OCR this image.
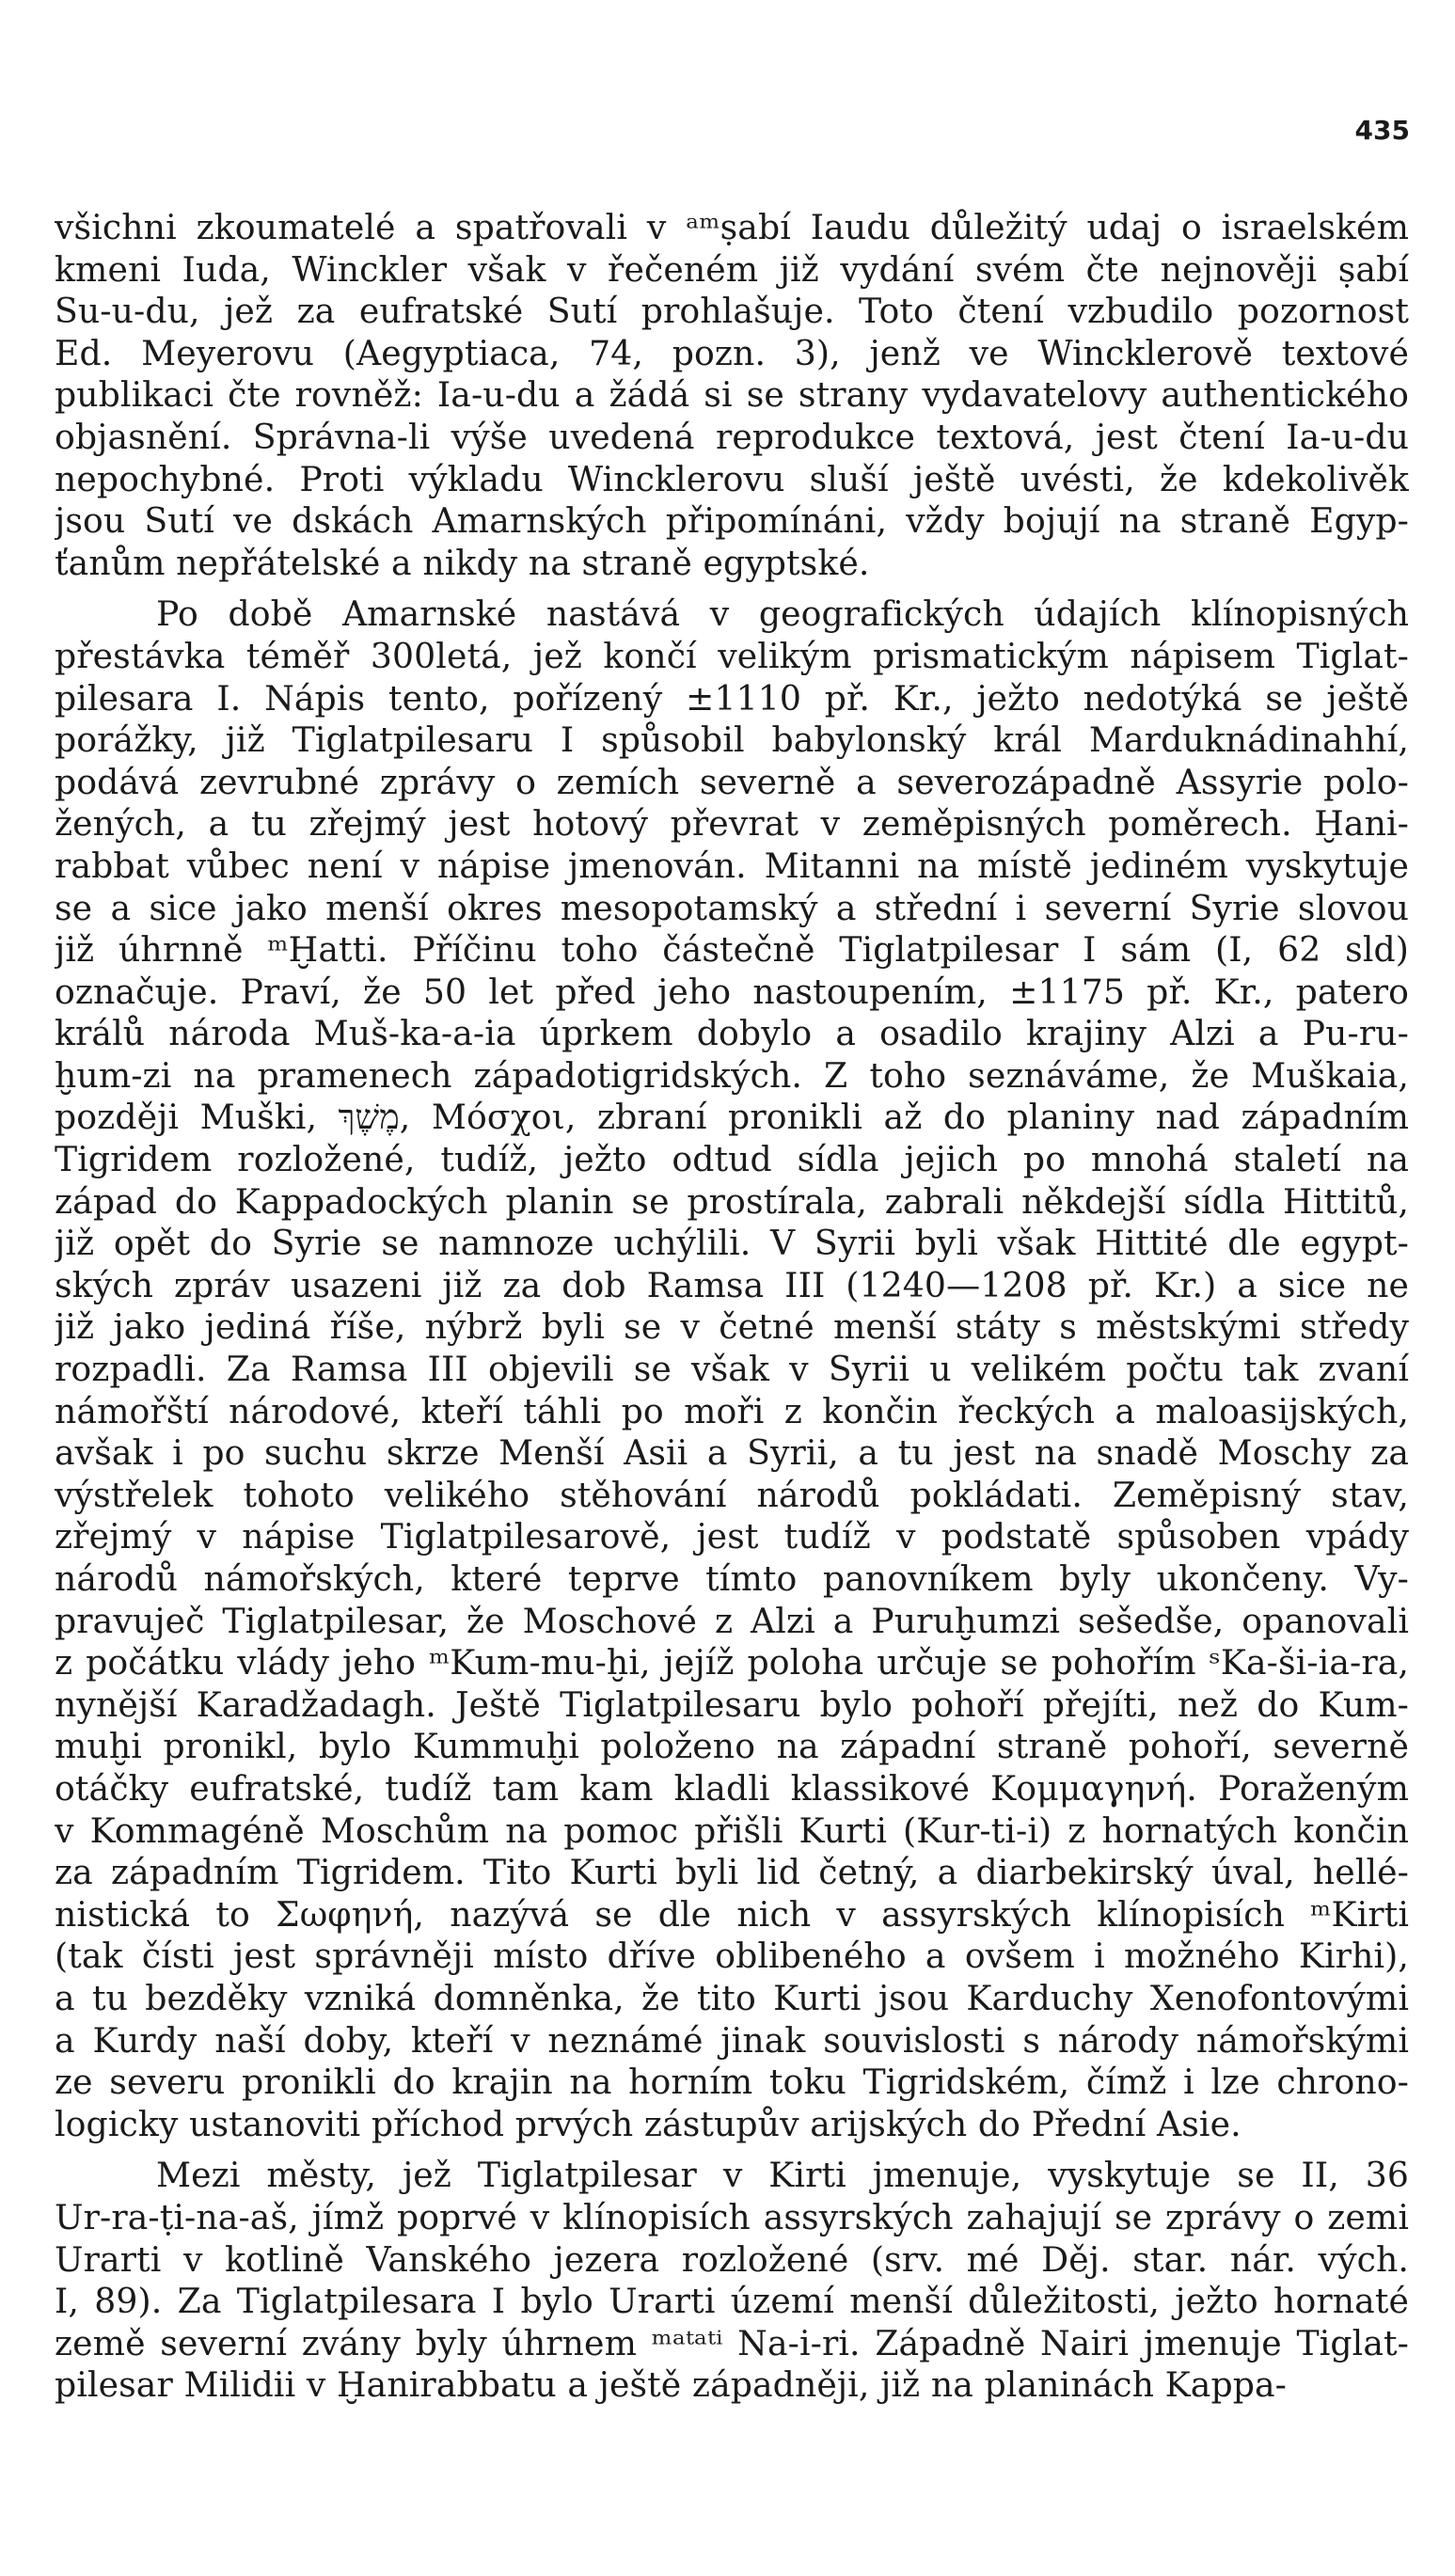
435
všichni zkoumatelé a spatřovali v ᵃᵐṣabí Iaudu důležitý udaj o israelském
kmeni Iuda, Winckler však v řečeném již vydání svém čte nejnověji ṣabí
Su-u-du, jež za eufratské Sutí prohlašuje. Toto čtení vzbudilo pozornost
Ed. Meyerovu (Aegyptiaca, 74, pozn. 3), jenž ve Wincklerově textové
publikaci čte rovněž: Ia-u-du a žádá si se strany vydavatelovy authentického
objasnění. Správna-li výše uvedená reprodukce textová, jest čtení Ia-u-du
nepochybné. Proti výkladu Wincklerovu sluší ještě uvésti, že kdekolivěk
jsou Sutí ve dskách Amarnských připomínáni, vždy bojují na straně Egyp-
ťanům nepřátelské a nikdy na straně egyptské.
Po době Amarnské nastává v geografických údajích klínopisných
přestávka téměř 300letá, jež končí velikým prismatickým nápisem Tiglat-
pilesara I. Nápis tento, pořízený ±1110 př. Kr., ježto nedotýká se ještě
porážky, již Tiglatpilesaru I spůsobil babylonský král Marduknádinahhí,
podává zevrubné zprávy o zemích severně a severozápadně Assyrie polo-
žených, a tu zřejmý jest hotový převrat v zeměpisných poměrech. Ḫani-
rabbat vůbec není v nápise jmenován. Mitanni na místě jediném vyskytuje
se a sice jako menší okres mesopotamský a střední i severní Syrie slovou
již úhrnně ᵐḪatti. Příčinu toho částečně Tiglatpilesar I sám (I, 62 sld)
označuje. Praví, že 50 let před jeho nastoupením, ±1175 př. Kr., patero
králů národa Muš-ka-a-ia úprkem dobylo a osadilo krajiny Alzi a Pu-ru-
ḫum-zi na pramenech západotigridských. Z toho seznáváme, že Muškaia,
později Muški, מֶשֶׁךְ, Μόσχοι, zbraní pronikli až do planiny nad západním
Tigridem rozložené, tudíž, ježto odtud sídla jejich po mnohá staletí na
západ do Kappadockých planin se prostírala, zabrali někdejší sídla Hittitů,
již opět do Syrie se namnoze uchýlili. V Syrii byli však Hittité dle egypt-
ských zpráv usazeni již za dob Ramsa III (1240—1208 př. Kr.) a sice ne
již jako jediná říše, nýbrž byli se v četné menší státy s městskými středy
rozpadli. Za Ramsa III objevili se však v Syrii u velikém počtu tak zvaní
námořští národové, kteří táhli po moři z končin řeckých a maloasijských,
avšak i po suchu skrze Menší Asii a Syrii, a tu jest na snadě Moschy za
výstřelek tohoto velikého stěhování národů pokládati. Zeměpisný stav,
zřejmý v nápise Tiglatpilesarově, jest tudíž v podstatě spůsoben vpády
národů námořských, které teprve tímto panovníkem byly ukončeny. Vy-
pravuječ Tiglatpilesar, že Moschové z Alzi a Puruḫumzi sešedše, opanovali
z počátku vlády jeho ᵐKum-mu-ḫi, jejíž poloha určuje se pohořím ˢKa-ši-ia-ra,
nynější Karadžadagh. Ještě Tiglatpilesaru bylo pohoří přejíti, než do Kum-
muḫi pronikl, bylo Kummuḫi položeno na západní straně pohoří, severně
otáčky eufratské, tudíž tam kam kladli klassikové Κομμαγηνή. Poraženým
v Kommagéně Moschům na pomoc přišli Kurti (Kur-ti-i) z hornatých končin
za západním Tigridem. Tito Kurti byli lid četný, a diarbekirský úval, hellé-
nistická to Σωφηνή, nazývá se dle nich v assyrských klínopisích ᵐKirti
(tak čísti jest správněji místo dříve oblibeného a ovšem i možného Kirhi),
a tu bezděky vzniká domněnka, že tito Kurti jsou Karduchy Xenofontovými
a Kurdy naší doby, kteří v neznámé jinak souvislosti s národy námořskými
ze severu pronikli do krajin na horním toku Tigridském, čímž i lze chrono-
logicky ustanoviti příchod prvých zástupův arijských do Přední Asie.
Mezi městy, jež Tiglatpilesar v Kirti jmenuje, vyskytuje se II, 36
Ur-ra-ṭi-na-aš, jímž poprvé v klínopisích assyrských zahajují se zprávy o zemi
Urarti v kotlině Vanského jezera rozložené (srv. mé Děj. star. nár. vých.
I, 89). Za Tiglatpilesara I bylo Urarti území menší důležitosti, ježto hornaté
země severní zvány byly úhrnem ᵐᵃᵗᵃᵗⁱ Na-i-ri. Západně Nairi jmenuje Tiglat-
pilesar Milidii v Ḫanirabbatu a ještě západněji, již na planinách Kappa-
